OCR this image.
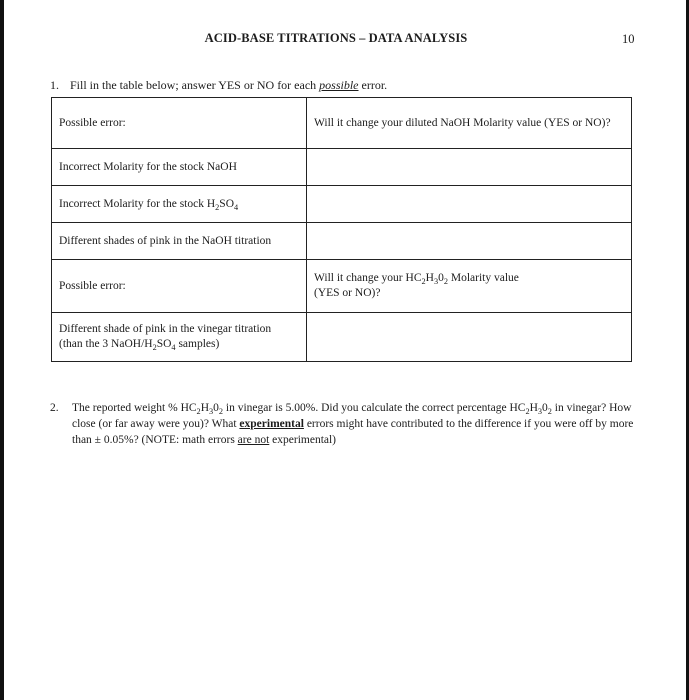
ACID-BASE TITRATIONS – DATA ANALYSIS	10
1. Fill in the table below; answer YES or NO for each possible error.
Possible error:	Will it change your diluted NaOH Molarity value (YES or NO)?
Incorrect Molarity for the stock NaOH	
Incorrect Molarity for the stock $H_2SO_4$	
Different shades of pink in the NaOH titration	
Possible error:	Will it change your $HC_2H_30_2$ Molarity value
(YES or NO)?
Different shade of pink in the vinegar titration
(than the 3 NaOH/$H_2SO_4$ samples)	
2. The reported weight % $HC_2H_30_2$ in vinegar is 5.00%. Did you calculate the correct percentage $HC_2H_30_2$ in vinegar? How close (or far away were you)? What experimental errors might have contributed to the difference if you were off by more than ± 0.05%? (NOTE: math errors are not experimental)
